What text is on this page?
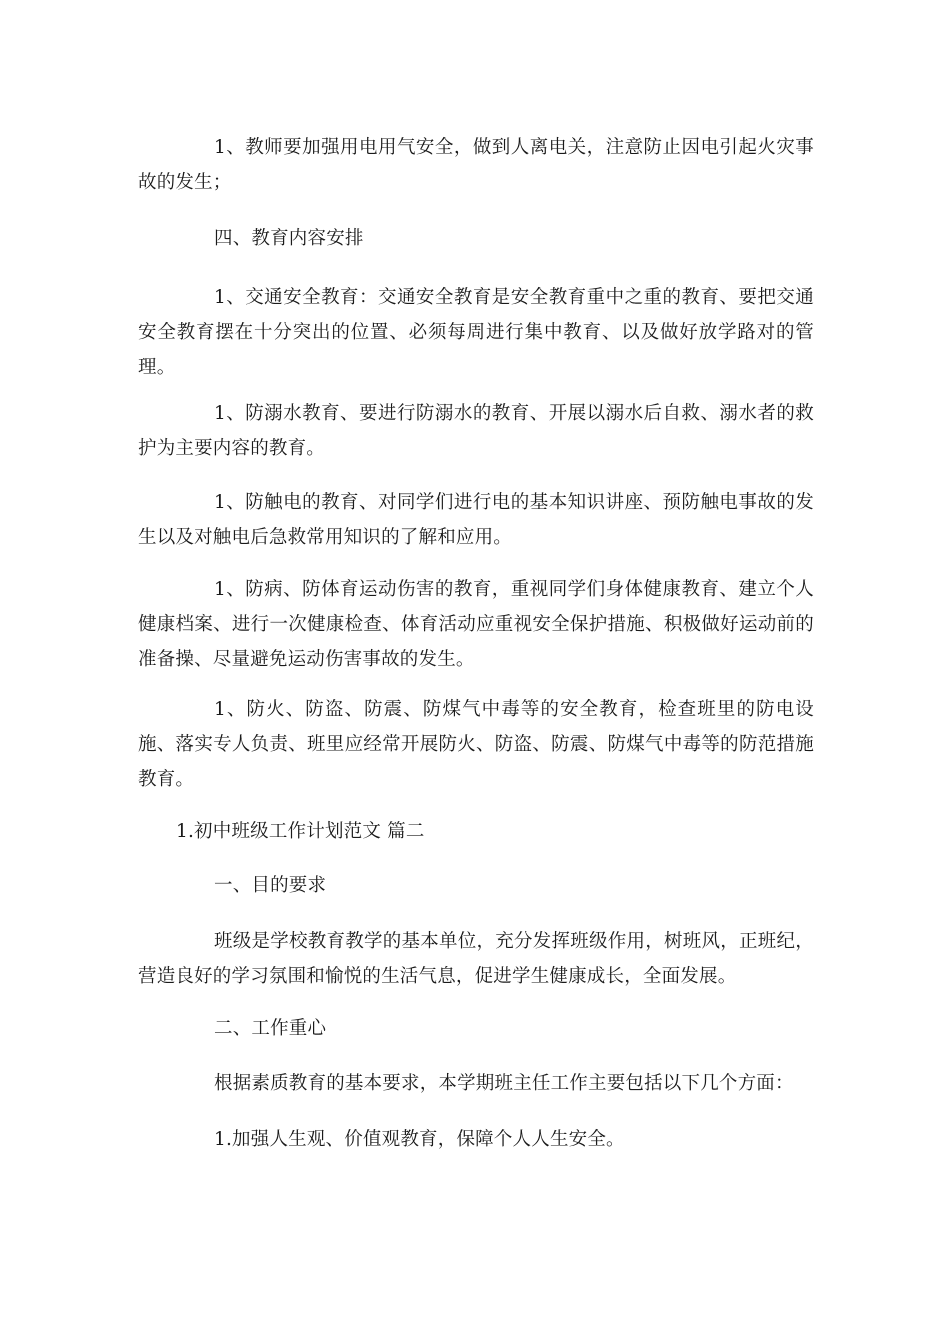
1、教师要加强用电用气安全，做到人离电关，注意防止因电引起火灾事故的发生；

四、教育内容安排

1、交通安全教育：交通安全教育是安全教育重中之重的教育、要把交通安全教育摆在十分突出的位置、必须每周进行集中教育、以及做好放学路对的管理。

1、防溺水教育、要进行防溺水的教育、开展以溺水后自救、溺水者的救护为主要内容的教育。

1、防触电的教育、对同学们进行电的基本知识讲座、预防触电事故的发生以及对触电后急救常用知识的了解和应用。

1、防病、防体育运动伤害的教育，重视同学们身体健康教育、建立个人健康档案、进行一次健康检查、体育活动应重视安全保护措施、积极做好运动前的准备操、尽量避免运动伤害事故的发生。

1、防火、防盗、防震、防煤气中毒等的安全教育，检查班里的防电设施、落实专人负责、班里应经常开展防火、防盗、防震、防煤气中毒等的防范措施教育。

1.初中班级工作计划范文 篇二

一、目的要求

班级是学校教育教学的基本单位，充分发挥班级作用，树班风，正班纪，营造良好的学习氛围和愉悦的生活气息，促进学生健康成长，全面发展。

二、工作重心

根据素质教育的基本要求，本学期班主任工作主要包括以下几个方面：

1.加强人生观、价值观教育，保障个人人生安全。
